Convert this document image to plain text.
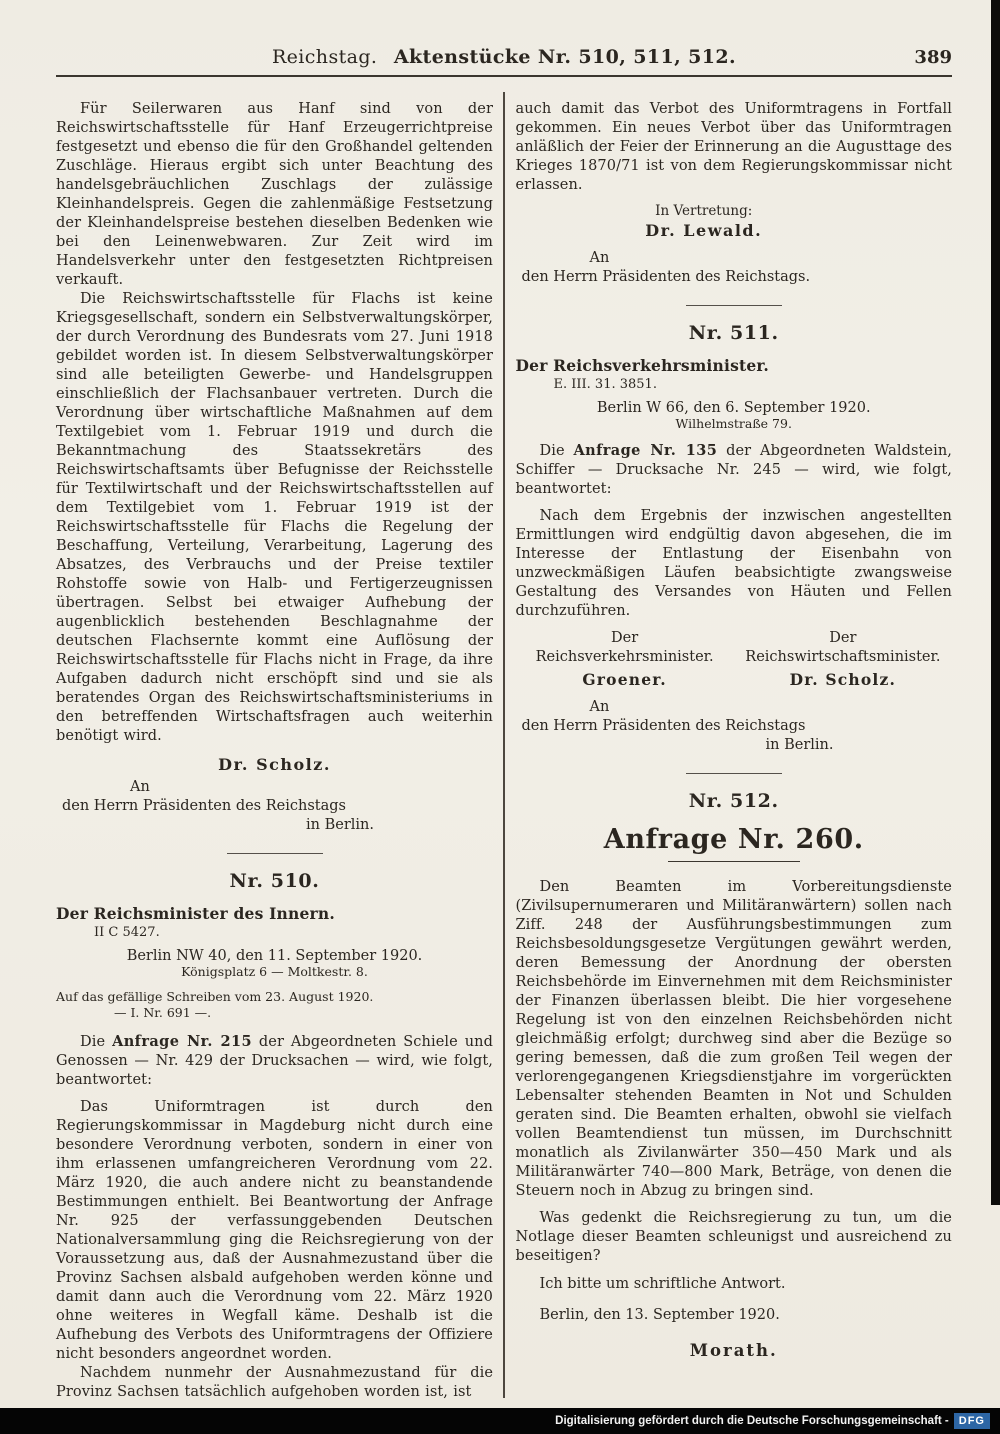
Reichstag. Aktenstücke Nr. 510, 511, 512.	389

Für Seilerwaren aus Hanf sind von der Reichswirtschaftsstelle für Hanf Erzeugerrichtpreise festgesetzt und ebenso die für den Großhandel geltenden Zuschläge. Hieraus ergibt sich unter Beachtung des handelsgebräuchlichen Zuschlags der zulässige Kleinhandelspreis. Gegen die zahlenmäßige Festsetzung der Kleinhandelspreise bestehen dieselben Bedenken wie bei den Leinenwebwaren. Zur Zeit wird im Handelsverkehr unter den festgesetzten Richtpreisen verkauft.

Die Reichswirtschaftsstelle für Flachs ist keine Kriegsgesellschaft, sondern ein Selbstverwaltungskörper, der durch Verordnung des Bundesrats vom 27. Juni 1918 gebildet worden ist. In diesem Selbstverwaltungskörper sind alle beteiligten Gewerbe- und Handelsgruppen einschließlich der Flachsanbauer vertreten. Durch die Verordnung über wirtschaftliche Maßnahmen auf dem Textilgebiet vom 1. Februar 1919 und durch die Bekanntmachung des Staatssekretärs des Reichswirtschaftsamts über Befugnisse der Reichsstelle für Textilwirtschaft und der Reichswirtschaftsstellen auf dem Textilgebiet vom 1. Februar 1919 ist der Reichswirtschaftsstelle für Flachs die Regelung der Beschaffung, Verteilung, Verarbeitung, Lagerung des Absatzes, des Verbrauchs und der Preise textiler Rohstoffe sowie von Halb- und Fertigerzeugnissen übertragen. Selbst bei etwaiger Aufhebung der augenblicklich bestehenden Beschlagnahme der deutschen Flachsernte kommt eine Auflösung der Reichswirtschaftsstelle für Flachs nicht in Frage, da ihre Aufgaben dadurch nicht erschöpft sind und sie als beratendes Organ des Reichswirtschaftsministeriums in den betreffenden Wirtschaftsfragen auch weiterhin benötigt wird.

Dr. Scholz.
An
den Herrn Präsidenten des Reichstags
in Berlin.
Nr. 510.
Der Reichsminister des Innern.
II C 5427.
Berlin NW 40, den 11. September 1920.
Königsplatz 6 — Moltkestr. 8.
Auf das gefällige Schreiben vom 23. August 1920.
— I. Nr. 691 —.

Die Anfrage Nr. 215 der Abgeordneten Schiele und Genossen — Nr. 429 der Drucksachen — wird, wie folgt, beantwortet:

Das Uniformtragen ist durch den Regierungskommissar in Magdeburg nicht durch eine besondere Verordnung verboten, sondern in einer von ihm erlassenen umfangreicheren Verordnung vom 22. März 1920, die auch andere nicht zu beanstandende Bestimmungen enthielt. Bei Beantwortung der Anfrage Nr. 925 der verfassunggebenden Deutschen Nationalversammlung ging die Reichsregierung von der Voraussetzung aus, daß der Ausnahmezustand über die Provinz Sachsen alsbald aufgehoben werden könne und damit dann auch die Verordnung vom 22. März 1920 ohne weiteres in Wegfall käme. Deshalb ist die Aufhebung des Verbots des Uniformtragens der Offiziere nicht besonders angeordnet worden.

Nachdem nunmehr der Ausnahmezustand für die Provinz Sachsen tatsächlich aufgehoben worden ist, ist

auch damit das Verbot des Uniformtragens in Fortfall gekommen. Ein neues Verbot über das Uniformtragen anläßlich der Feier der Erinnerung an die Augusttage des Krieges 1870/71 ist von dem Regierungskommissar nicht erlassen.

In Vertretung:
Dr. Lewald.
An
den Herrn Präsidenten des Reichstags.
Nr. 511.
Der Reichsverkehrsminister.
E. III. 31. 3851.
Berlin W 66, den 6. September 1920.
Wilhelmstraße 79.

Die Anfrage Nr. 135 der Abgeordneten Waldstein, Schiffer — Drucksache Nr. 245 — wird, wie folgt, beantwortet:

Nach dem Ergebnis der inzwischen angestellten Ermittlungen wird endgültig davon abgesehen, die im Interesse der Entlastung der Eisenbahn von unzweckmäßigen Läufen beabsichtigte zwangsweise Gestaltung des Versandes von Häuten und Fellen durchzuführen.

Der
Reichsverkehrsminister.
Groener.
Der
Reichswirtschaftsminister.
Dr. Scholz.
An
den Herrn Präsidenten des Reichstags
in Berlin.
Nr. 512.
Anfrage Nr. 260.

Den Beamten im Vorbereitungsdienste (Zivilsupernumeraren und Militäranwärtern) sollen nach Ziff. 248 der Ausführungsbestimmungen zum Reichsbesoldungsgesetze Vergütungen gewährt werden, deren Bemessung der Anordnung der obersten Reichsbehörde im Einvernehmen mit dem Reichsminister der Finanzen überlassen bleibt. Die hier vorgesehene Regelung ist von den einzelnen Reichsbehörden nicht gleichmäßig erfolgt; durchweg sind aber die Bezüge so gering bemessen, daß die zum großen Teil wegen der verlorengegangenen Kriegsdienstjahre im vorgerückten Lebensalter stehenden Beamten in Not und Schulden geraten sind. Die Beamten erhalten, obwohl sie vielfach vollen Beamtendienst tun müssen, im Durchschnitt monatlich als Zivilanwärter 350—450 Mark und als Militäranwärter 740—800 Mark, Beträge, von denen die Steuern noch in Abzug zu bringen sind.

Was gedenkt die Reichsregierung zu tun, um die Notlage dieser Beamten schleunigst und ausreichend zu beseitigen?

Ich bitte um schriftliche Antwort.
Berlin, den 13. September 1920.
Morath.
Digitalisierung gefördert durch die Deutsche Forschungsgemeinschaft - DFG
